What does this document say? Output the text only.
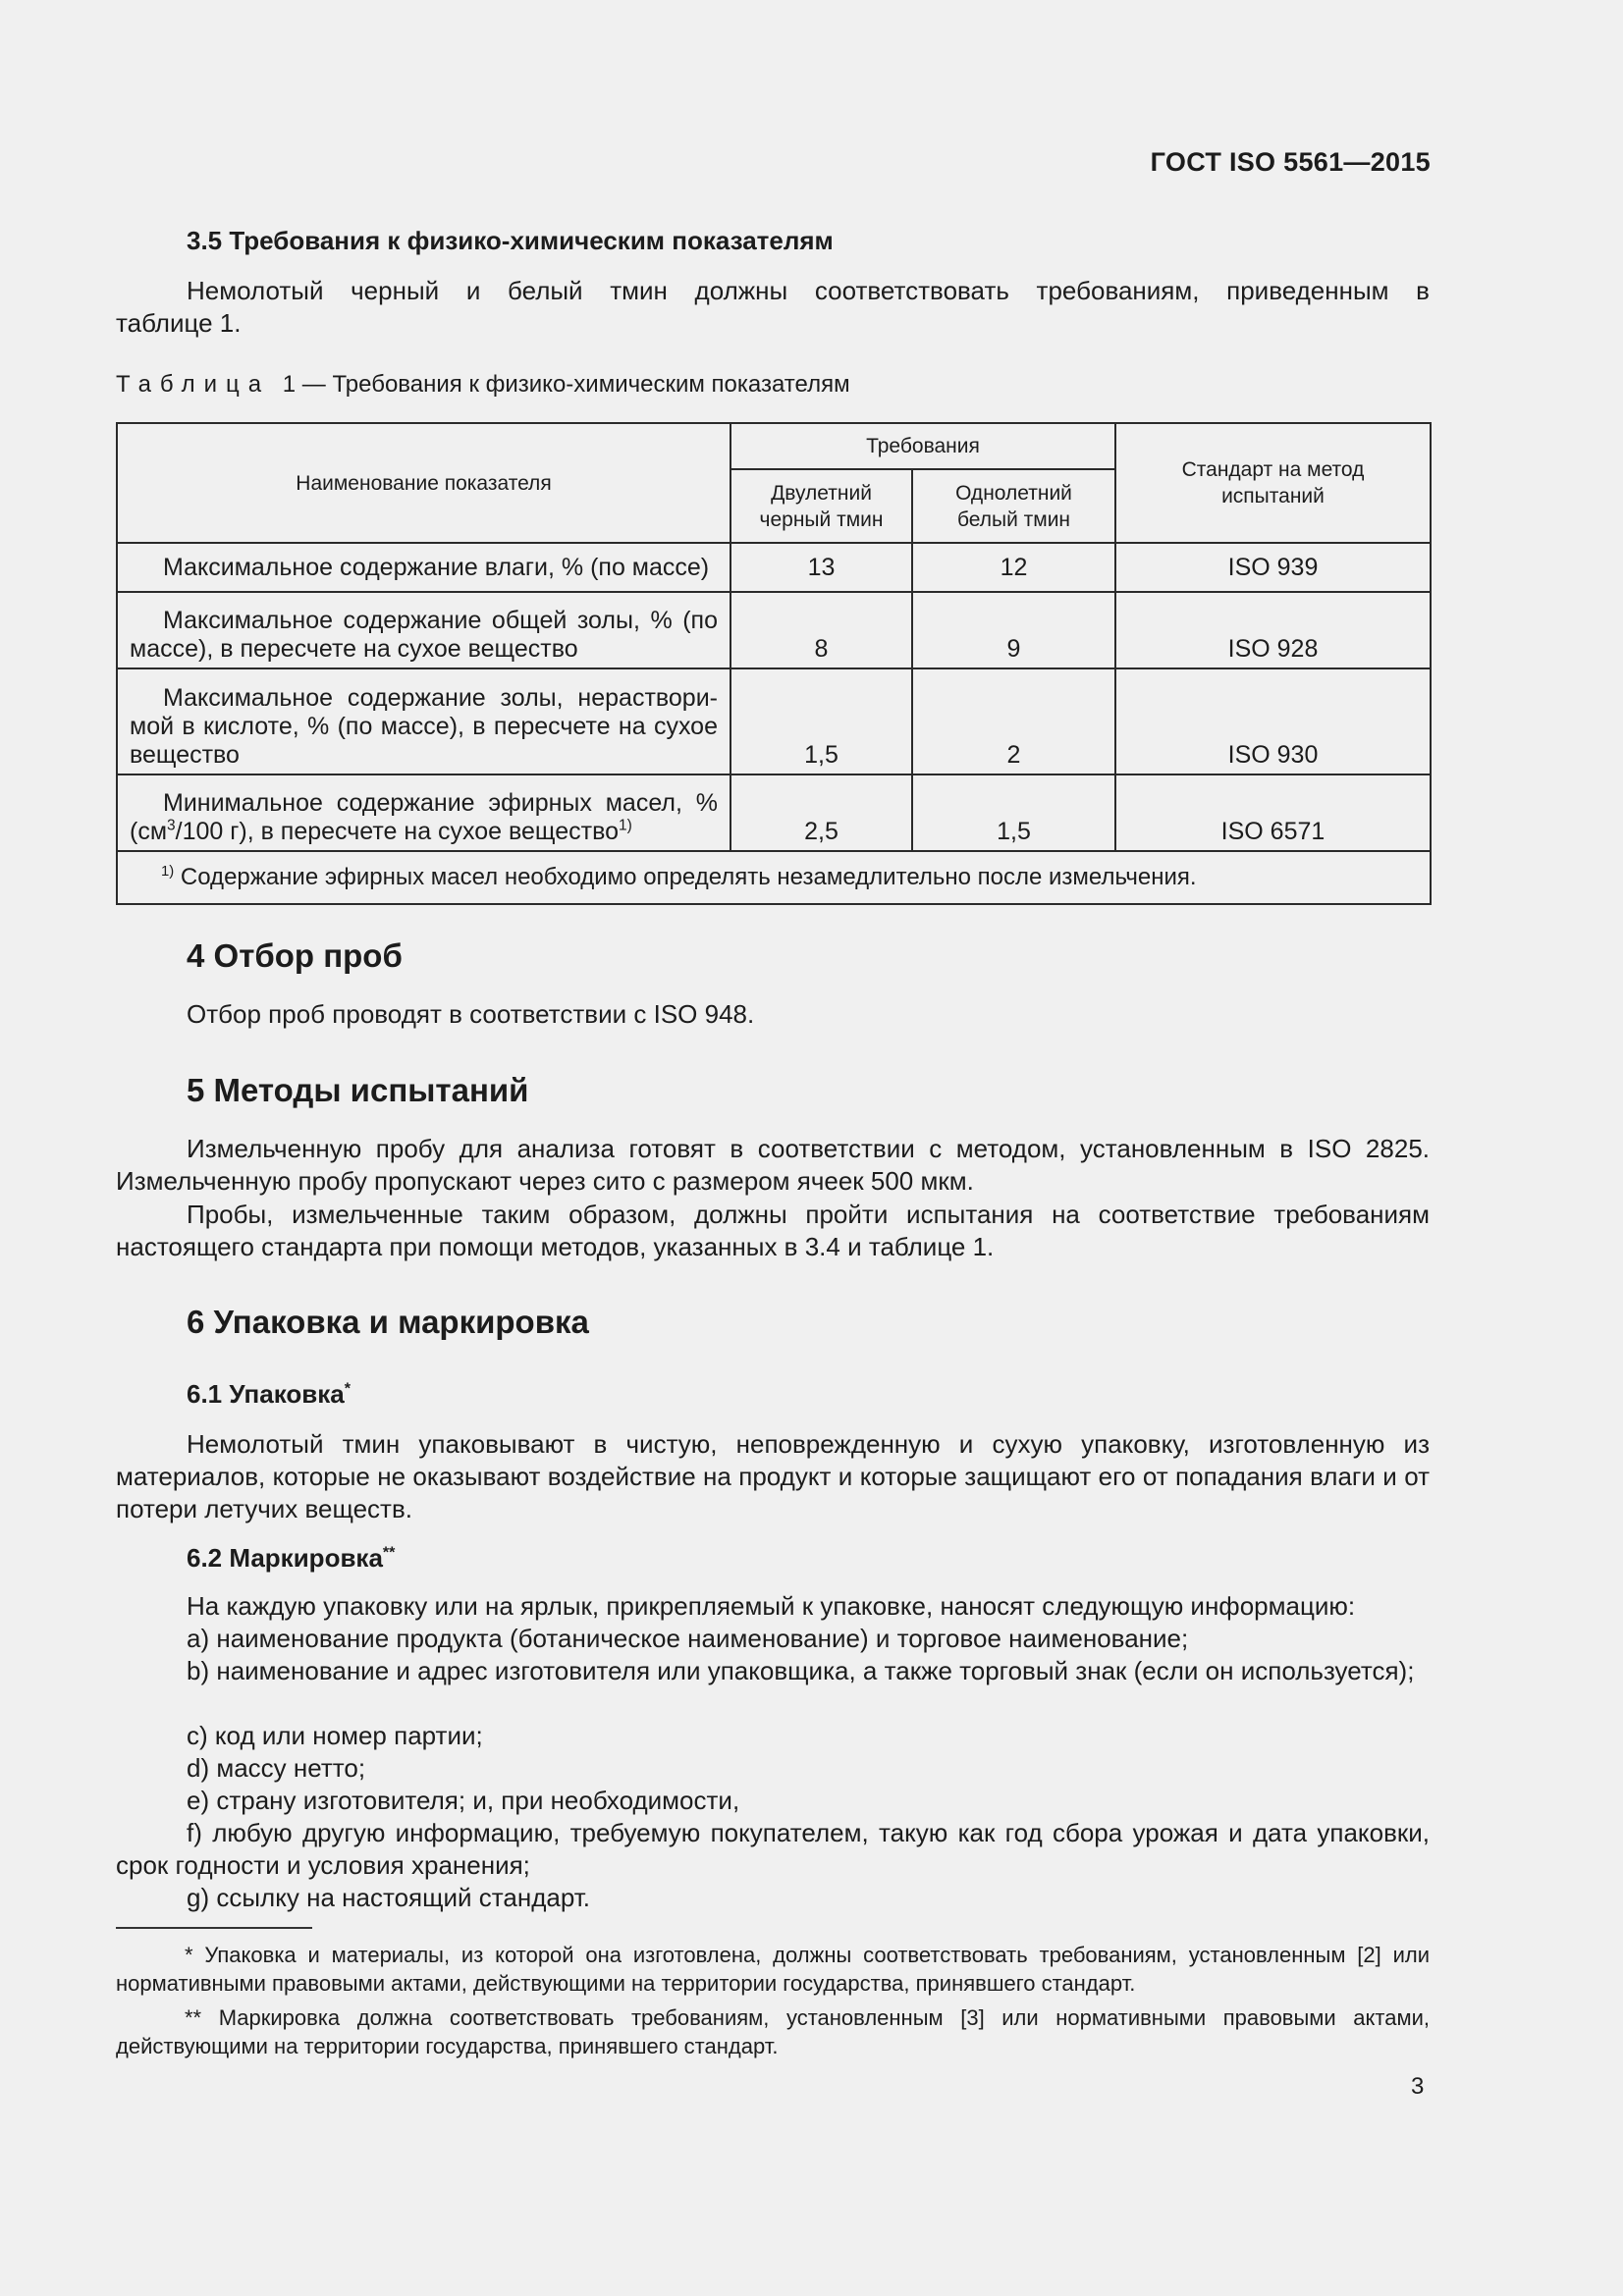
ГОСТ ISO 5561—2015
3.5 Требования к физико-химическим показателям
Немолотый черный и белый тмин должны соответствовать требованиям, приведенным в
таблице 1.
Таблица 1 — Требования к физико-химическим показателям
Наименование показателя	Требования		Стандарт на метод испытаний
	Двулетний черный тмин	Однолетний белый тмин	
Максимальное содержание влаги, % (по массе)	13	12	ISO 939
Максимальное содержание общей золы, % (по массе), в пересчете на сухое вещество	8	9	ISO 928
Максимальное содержание золы, нераствори-мой в кислоте, % (по массе), в пересчете на сухое вещество	1,5	2	ISO 930
Минимальное содержание эфирных масел, % ($см^3/100$ г), в пересчете на сухое вещество$^{1)}$	2,5	1,5	ISO 6571
$^{1)}$ Содержание эфирных масел необходимо определять незамедлительно после измельчения.			
4 Отбор проб
Отбор проб проводят в соответствии с ISO 948.
5 Методы испытаний
Измельченную пробу для анализа готовят в соответствии с методом, установленным в ISO 2825. Измельченную пробу пропускают через сито с размером ячеек 500 мкм.
Пробы, измельченные таким образом, должны пройти испытания на соответствие требованиям настоящего стандарта при помощи методов, указанных в 3.4 и таблице 1.
6 Упаковка и маркировка
6.1 Упаковка*
Немолотый тмин упаковывают в чистую, неповрежденную и сухую упаковку, изготовленную из материалов, которые не оказывают воздействие на продукт и которые защищают его от попадания влаги и от потери летучих веществ.
6.2 Маркировка**
На каждую упаковку или на ярлык, прикрепляемый к упаковке, наносят следующую информацию:
а) наименование продукта (ботаническое наименование) и торговое наименование;
b) наименование и адрес изготовителя или упаковщика, а также торговый знак (если он используется);
c) код или номер партии;
d) массу нетто;
e) страну изготовителя; и, при необходимости,
f) любую другую информацию, требуемую покупателем, такую как год сбора урожая и дата упаковки, срок годности и условия хранения;
g) ссылку на настоящий стандарт.
* Упаковка и материалы, из которой она изготовлена, должны соответствовать требованиям, установленным [2] или нормативными правовыми актами, действующими на территории государства, принявшего стандарт.
** Маркировка должна соответствовать требованиям, установленным [3] или нормативными правовыми актами, действующими на территории государства, принявшего стандарт.
3
